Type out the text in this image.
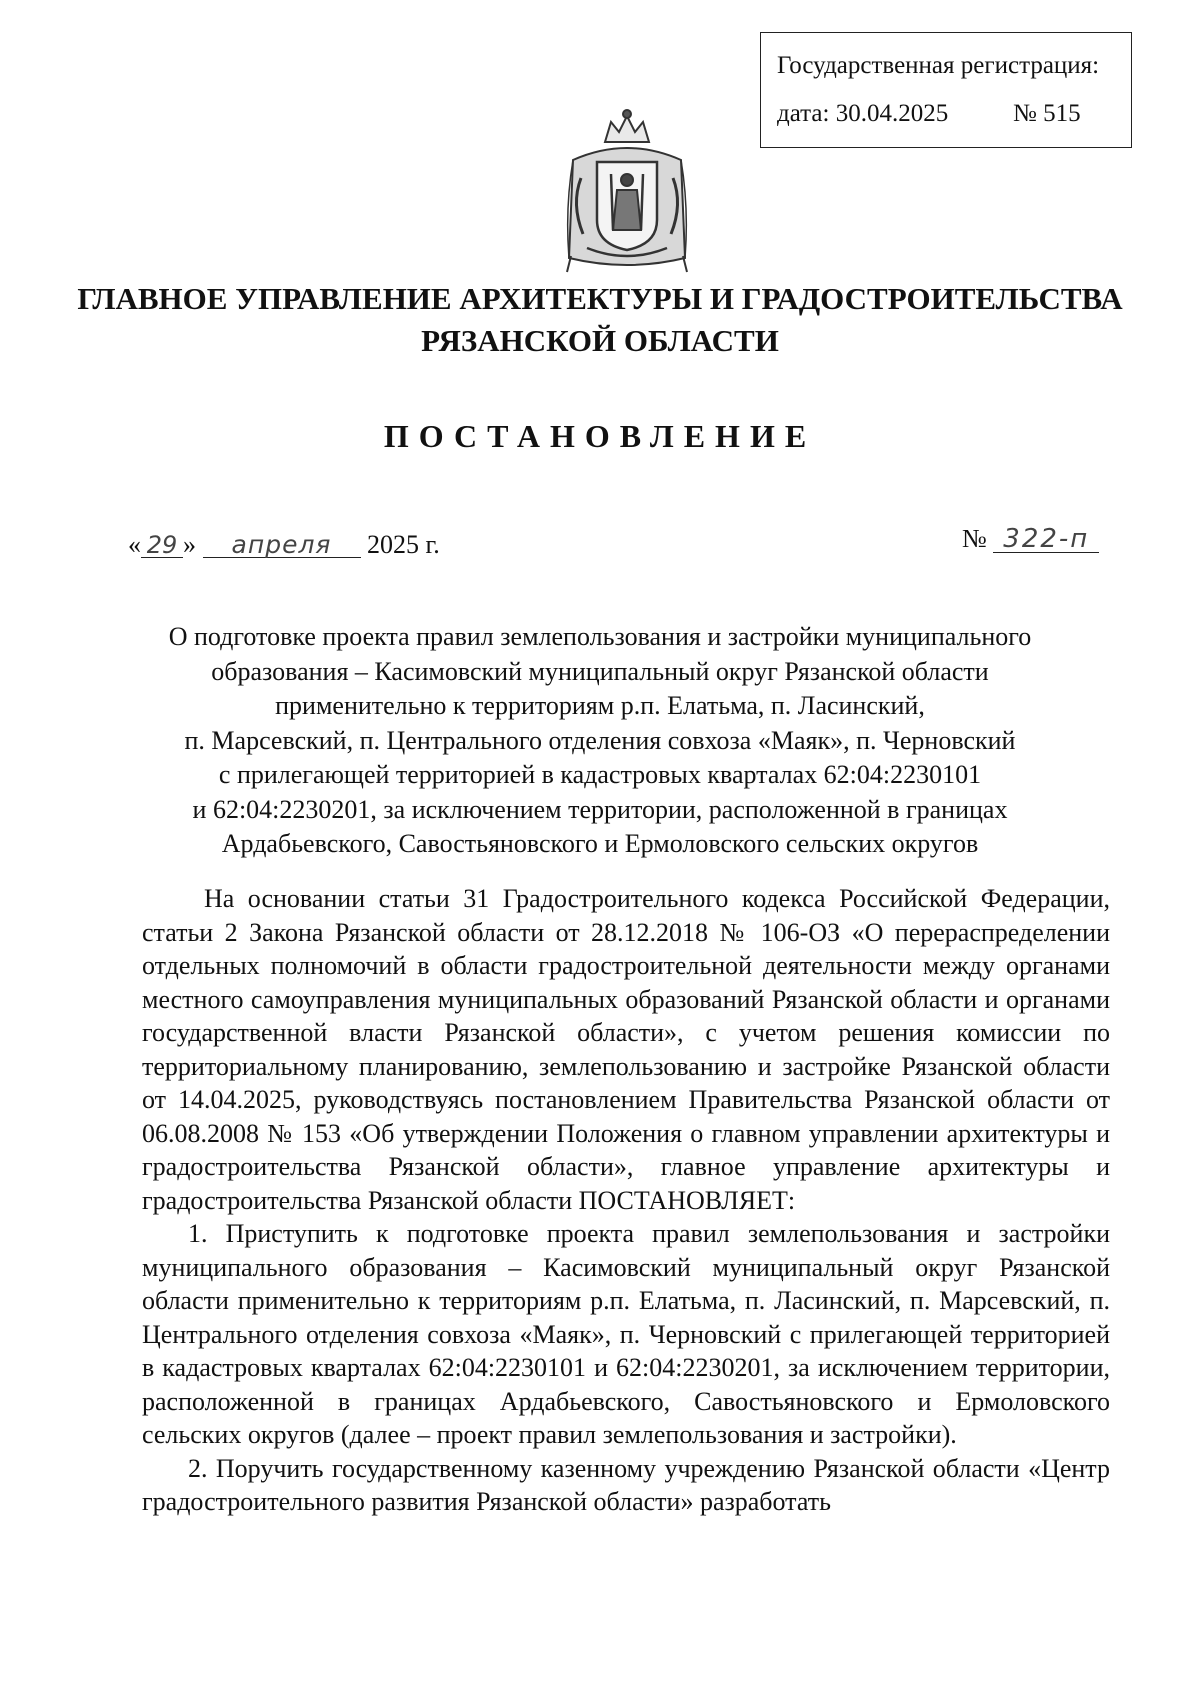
Государственная регистрация:
дата: 30.04.2025	№ 515
ГЛАВНОЕ УПРАВЛЕНИЕ АРХИТЕКТУРЫ И ГРАДОСТРОИТЕЛЬСТВА
РЯЗАНСКОЙ ОБЛАСТИ
ПОСТАНОВЛЕНИЕ
« 29 » апреля 2025 г.	№ 322-п
О подготовке проекта правил землепользования и застройки муниципального
образования – Касимовский муниципальный округ Рязанской области
применительно к территориям р.п. Елатьма, п. Ласинский,
п. Марсевский, п. Центрального отделения совхоза «Маяк», п. Черновский
с прилегающей территорией в кадастровых кварталах 62:04:2230101
и 62:04:2230201, за исключением территории, расположенной в границах
Ардабьевского, Савостьяновского и Ермоловского сельских округов

На основании статьи 31 Градостроительного кодекса Российской Федерации, статьи 2 Закона Рязанской области от 28.12.2018 № 106-ОЗ «О перераспределении отдельных полномочий в области градостроительной деятельности между органами местного самоуправления муниципальных образований Рязанской области и органами государственной власти Рязанской области», с учетом решения комиссии по территориальному планированию, землепользованию и застройке Рязанской области от 14.04.2025, руководствуясь постановлением Правительства Рязанской области от 06.08.2008 № 153 «Об утверждении Положения о главном управлении архитектуры и градостроительства Рязанской области», главное управление архитектуры и градостроительства Рязанской области ПОСТАНОВЛЯЕТ:

1. Приступить к подготовке проекта правил землепользования и застройки муниципального образования – Касимовский муниципальный округ Рязанской области применительно к территориям р.п. Елатьма, п. Ласинский, п. Марсевский, п. Центрального отделения совхоза «Маяк», п. Черновский с прилегающей территорией в кадастровых кварталах 62:04:2230101 и 62:04:2230201, за исключением территории, расположенной в границах Ардабьевского, Савостьяновского и Ермоловского сельских округов (далее – проект правил землепользования и застройки).

2. Поручить государственному казенному учреждению Рязанской области «Центр градостроительного развития Рязанской области» разработать
